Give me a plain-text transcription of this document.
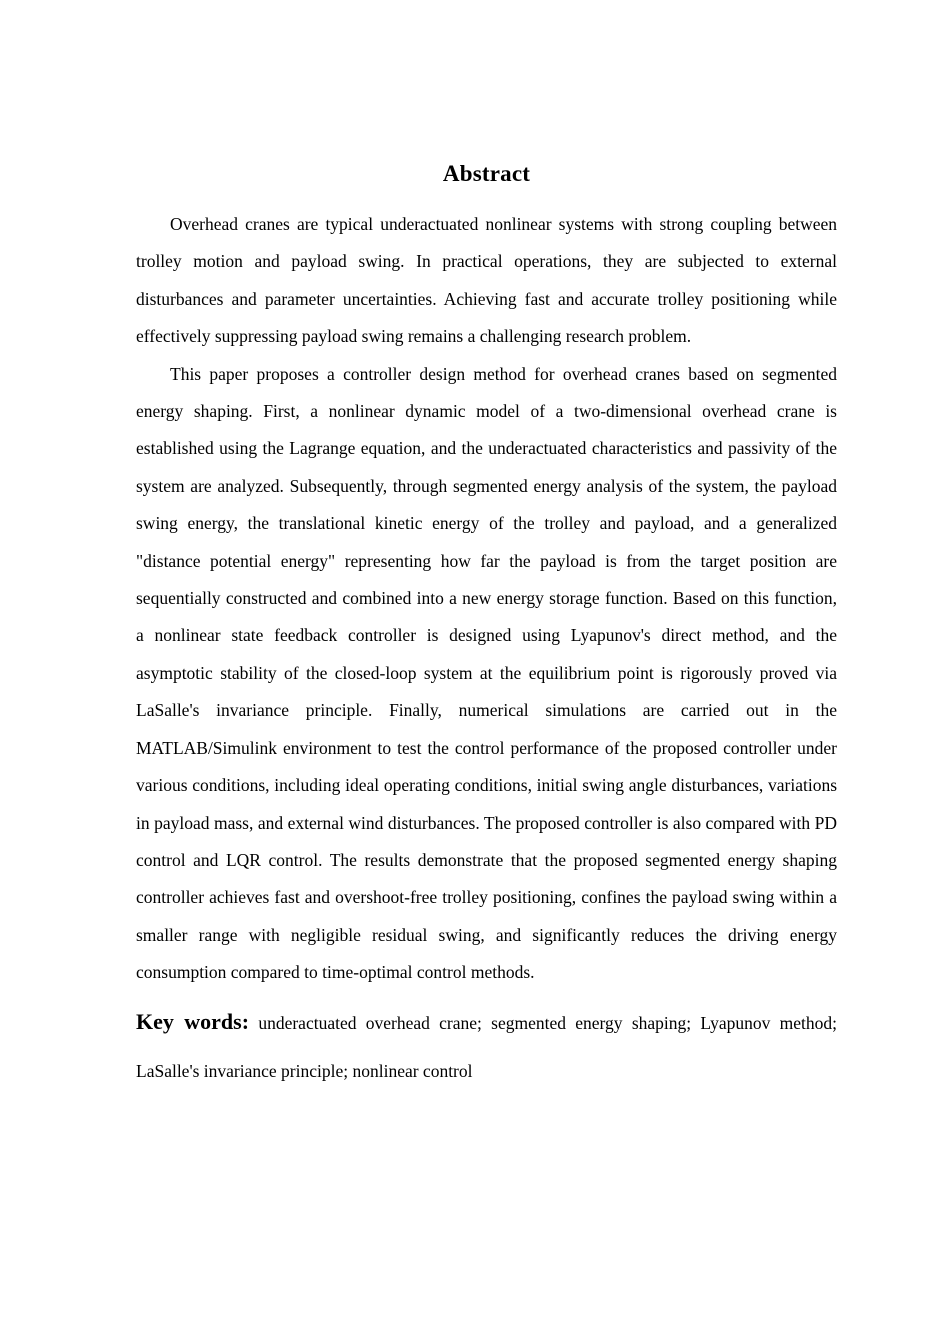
Abstract

Overhead cranes are typical underactuated nonlinear systems with strong coupling between trolley motion and payload swing. In practical operations, they are subjected to external disturbances and parameter uncertainties. Achieving fast and accurate trolley positioning while effectively suppressing payload swing remains a challenging research problem.

This paper proposes a controller design method for overhead cranes based on segmented energy shaping. First, a nonlinear dynamic model of a two-dimensional overhead crane is established using the Lagrange equation, and the underactuated characteristics and passivity of the system are analyzed. Subsequently, through segmented energy analysis of the system, the payload swing energy, the translational kinetic energy of the trolley and payload, and a generalized "distance potential energy" representing how far the payload is from the target position are sequentially constructed and combined into a new energy storage function. Based on this function, a nonlinear state feedback controller is designed using Lyapunov's direct method, and the asymptotic stability of the closed-loop system at the equilibrium point is rigorously proved via LaSalle's invariance principle. Finally, numerical simulations are carried out in the MATLAB/Simulink environment to test the control performance of the proposed controller under various conditions, including ideal operating conditions, initial swing angle disturbances, variations in payload mass, and external wind disturbances. The proposed controller is also compared with PD control and LQR control. The results demonstrate that the proposed segmented energy shaping controller achieves fast and overshoot-free trolley positioning, confines the payload swing within a smaller range with negligible residual swing, and significantly reduces the driving energy consumption compared to time-optimal control methods.

Key words: underactuated overhead crane; segmented energy shaping; Lyapunov method; LaSalle's invariance principle; nonlinear control
